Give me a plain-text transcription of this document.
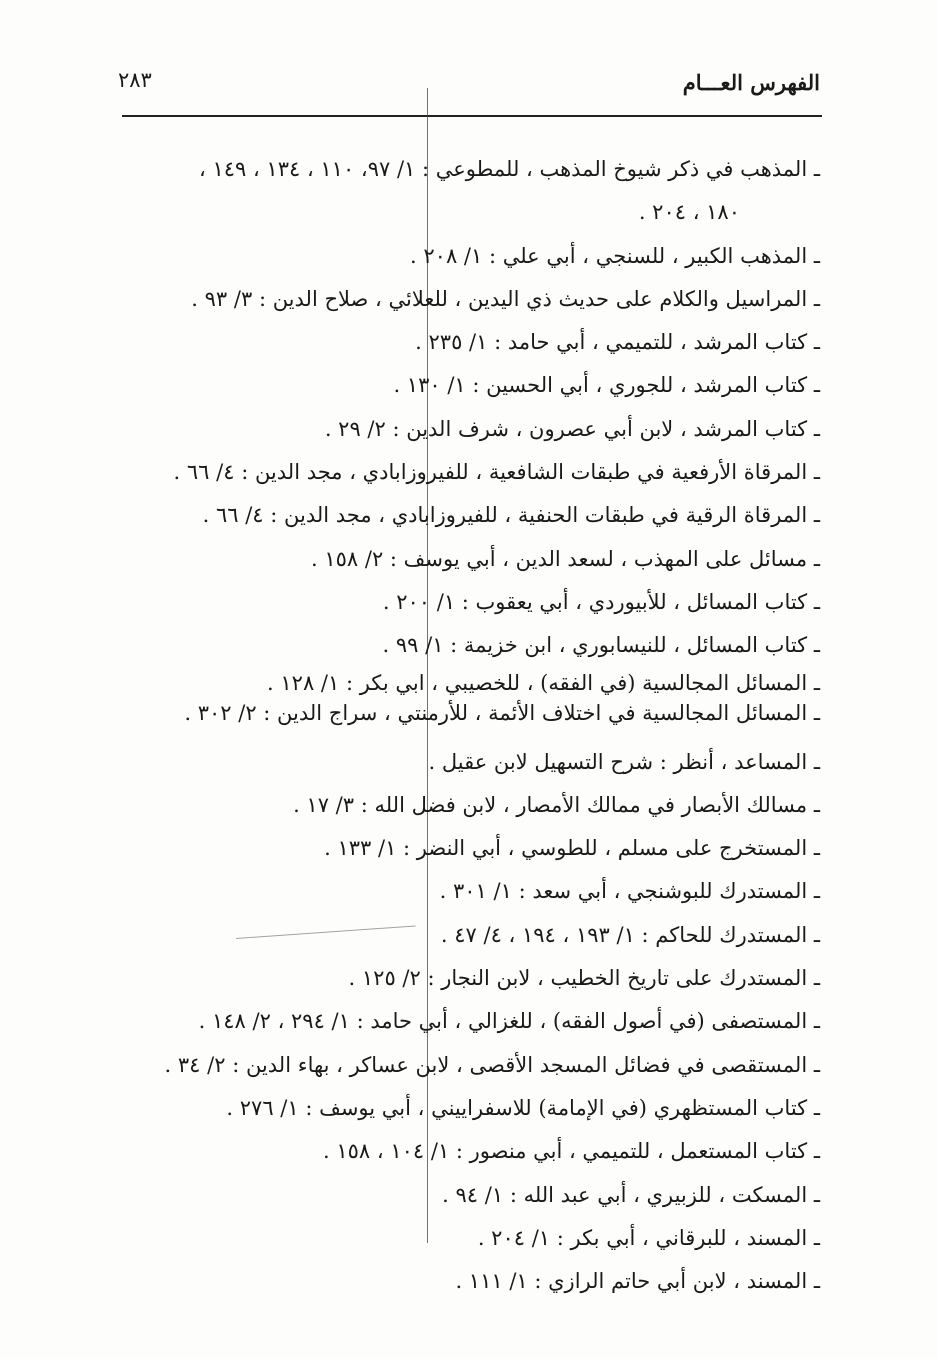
الفهرس العـــام
٢٨٣
ـ المذهب في ذكر شيوخ المذهب ، للمطوعي : ١/ ٩٧، ١١٠ ، ١٣٤ ، ١٤٩ ،
١٨٠ ، ٢٠٤ .
ـ المذهب الكبير ، للسنجي ، أبي علي : ١/ ٢٠٨ .
ـ المراسيل والكلام على حديث ذي اليدين ، للعلائي ، صلاح الدين : ٣/ ٩٣ .
ـ كتاب المرشد ، للتميمي ، أبي حامد : ١/ ٢٣٥ .
ـ كتاب المرشد ، للجوري ، أبي الحسين : ١/ ١٣٠ .
ـ كتاب المرشد ، لابن أبي عصرون ، شرف الدين : ٢/ ٢٩ .
ـ المرقاة الأرفعية في طبقات الشافعية ، للفيروزابادي ، مجد الدين : ٤/ ٦٦ .
ـ المرقاة الرقية في طبقات الحنفية ، للفيروزابادي ، مجد الدين : ٤/ ٦٦ .
ـ مسائل على المهذب ، لسعد الدين ، أبي يوسف : ٢/ ١٥٨ .
ـ كتاب المسائل ، للأبيوردي ، أبي يعقوب : ١/ ٢٠٠ .
ـ كتاب المسائل ، للنيسابوري ، ابن خزيمة : ١/ ٩٩ .
ـ المسائل المجالسية (في الفقه) ، للخصيبي ، ابي بكر : ١/ ١٢٨ .
ـ المسائل المجالسية في اختلاف الأئمة ، للأرمنتي ، سراج الدين : ٢/ ٣٠٢ .
ـ المساعد ، أنظر : شرح التسهيل لابن عقيل .
ـ مسالك الأبصار في ممالك الأمصار ، لابن فضل الله : ٣/ ١٧ .
ـ المستخرج على مسلم ، للطوسي ، أبي النضر : ١/ ١٣٣ .
ـ المستدرك للبوشنجي ، أبي سعد : ١/ ٣٠١ .
ـ المستدرك للحاكم : ١/ ١٩٣ ، ١٩٤ ، ٤/ ٤٧ .
ـ المستدرك على تاريخ الخطيب ، لابن النجار : ٢/ ١٢٥ .
ـ المستصفى (في أصول الفقه) ، للغزالي ، أبي حامد : ١/ ٢٩٤ ، ٢/ ١٤٨ .
ـ المستقصى في فضائل المسجد الأقصى ، لابن عساكر ، بهاء الدين : ٢/ ٣٤ .
ـ كتاب المستظهري (في الإمامة) للاسفراييني ، أبي يوسف : ١/ ٢٧٦ .
ـ كتاب المستعمل ، للتميمي ، أبي منصور : ١/ ١٠٤ ، ١٥٨ .
ـ المسكت ، للزبيري ، أبي عبد الله : ١/ ٩٤ .
ـ المسند ، للبرقاني ، أبي بكر : ١/ ٢٠٤ .
ـ المسند ، لابن أبي حاتم الرازي : ١/ ١١١ .
